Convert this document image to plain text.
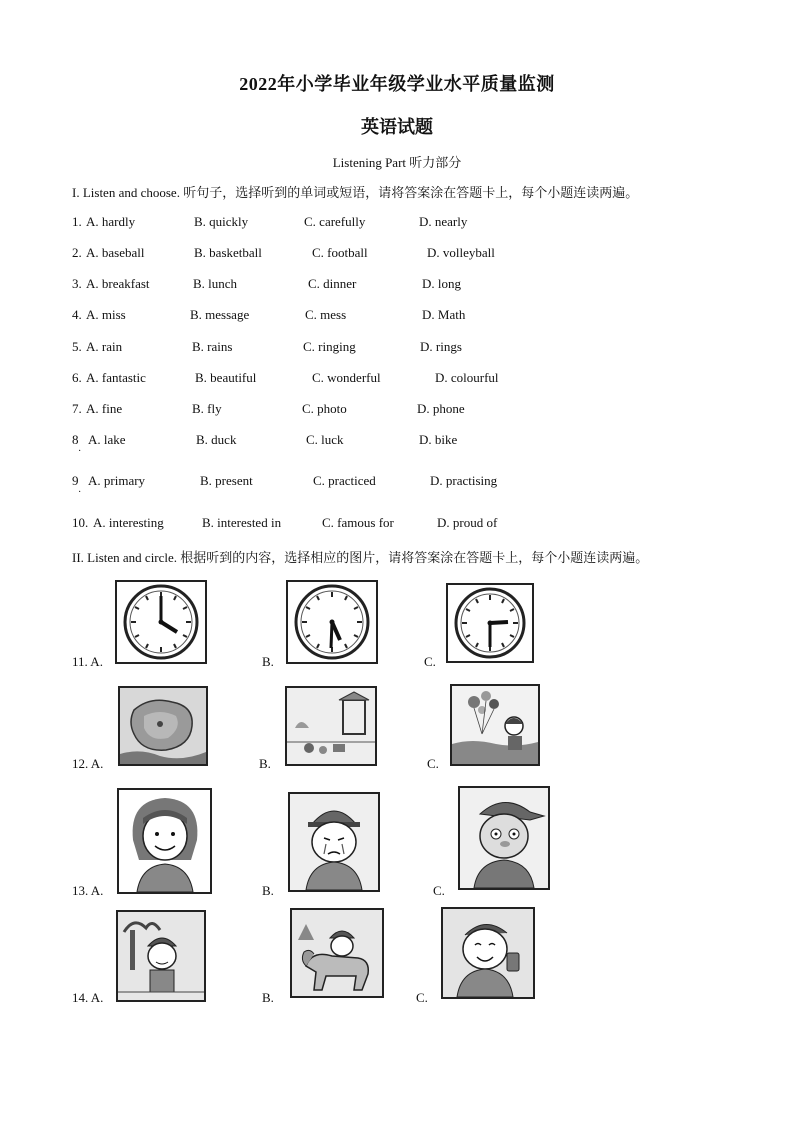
2022年小学毕业年级学业水平质量监测
英语试题
Listening Part 听力部分
I. Listen and choose. 听句子，选择听到的单词或短语，请将答案涂在答题卡上，每个小题连读两遍。
1. A. hardly	B. quickly	C. carefully	D. nearly
2. A. baseball	B. basketball	C. football	D. volleyball
3. A. breakfast	B. lunch	C. dinner	D. long
4. A. miss	B. message	C. mess	D. Math
5. A. rain	B. rains	C. ringing	D. rings
6. A. fantastic	B. beautiful	C. wonderful	D. colourful
7. A. fine	B. fly	C. photo	D. phone
8 A. lake	B. duck	C. luck	D. bike
·
9 A. primary	B. present	C. practiced	D. practising
·
10. A. interesting	B. interested in	C. famous for	D. proud of
II. Listen and circle. 根据听到的内容，选择相应的图片，请将答案涂在答题卡上，每个小题连读两遍。
11. A.	B.	C.
12. A.	B.	C.
13. A.	B.	C.
14. A.	B.	C.
